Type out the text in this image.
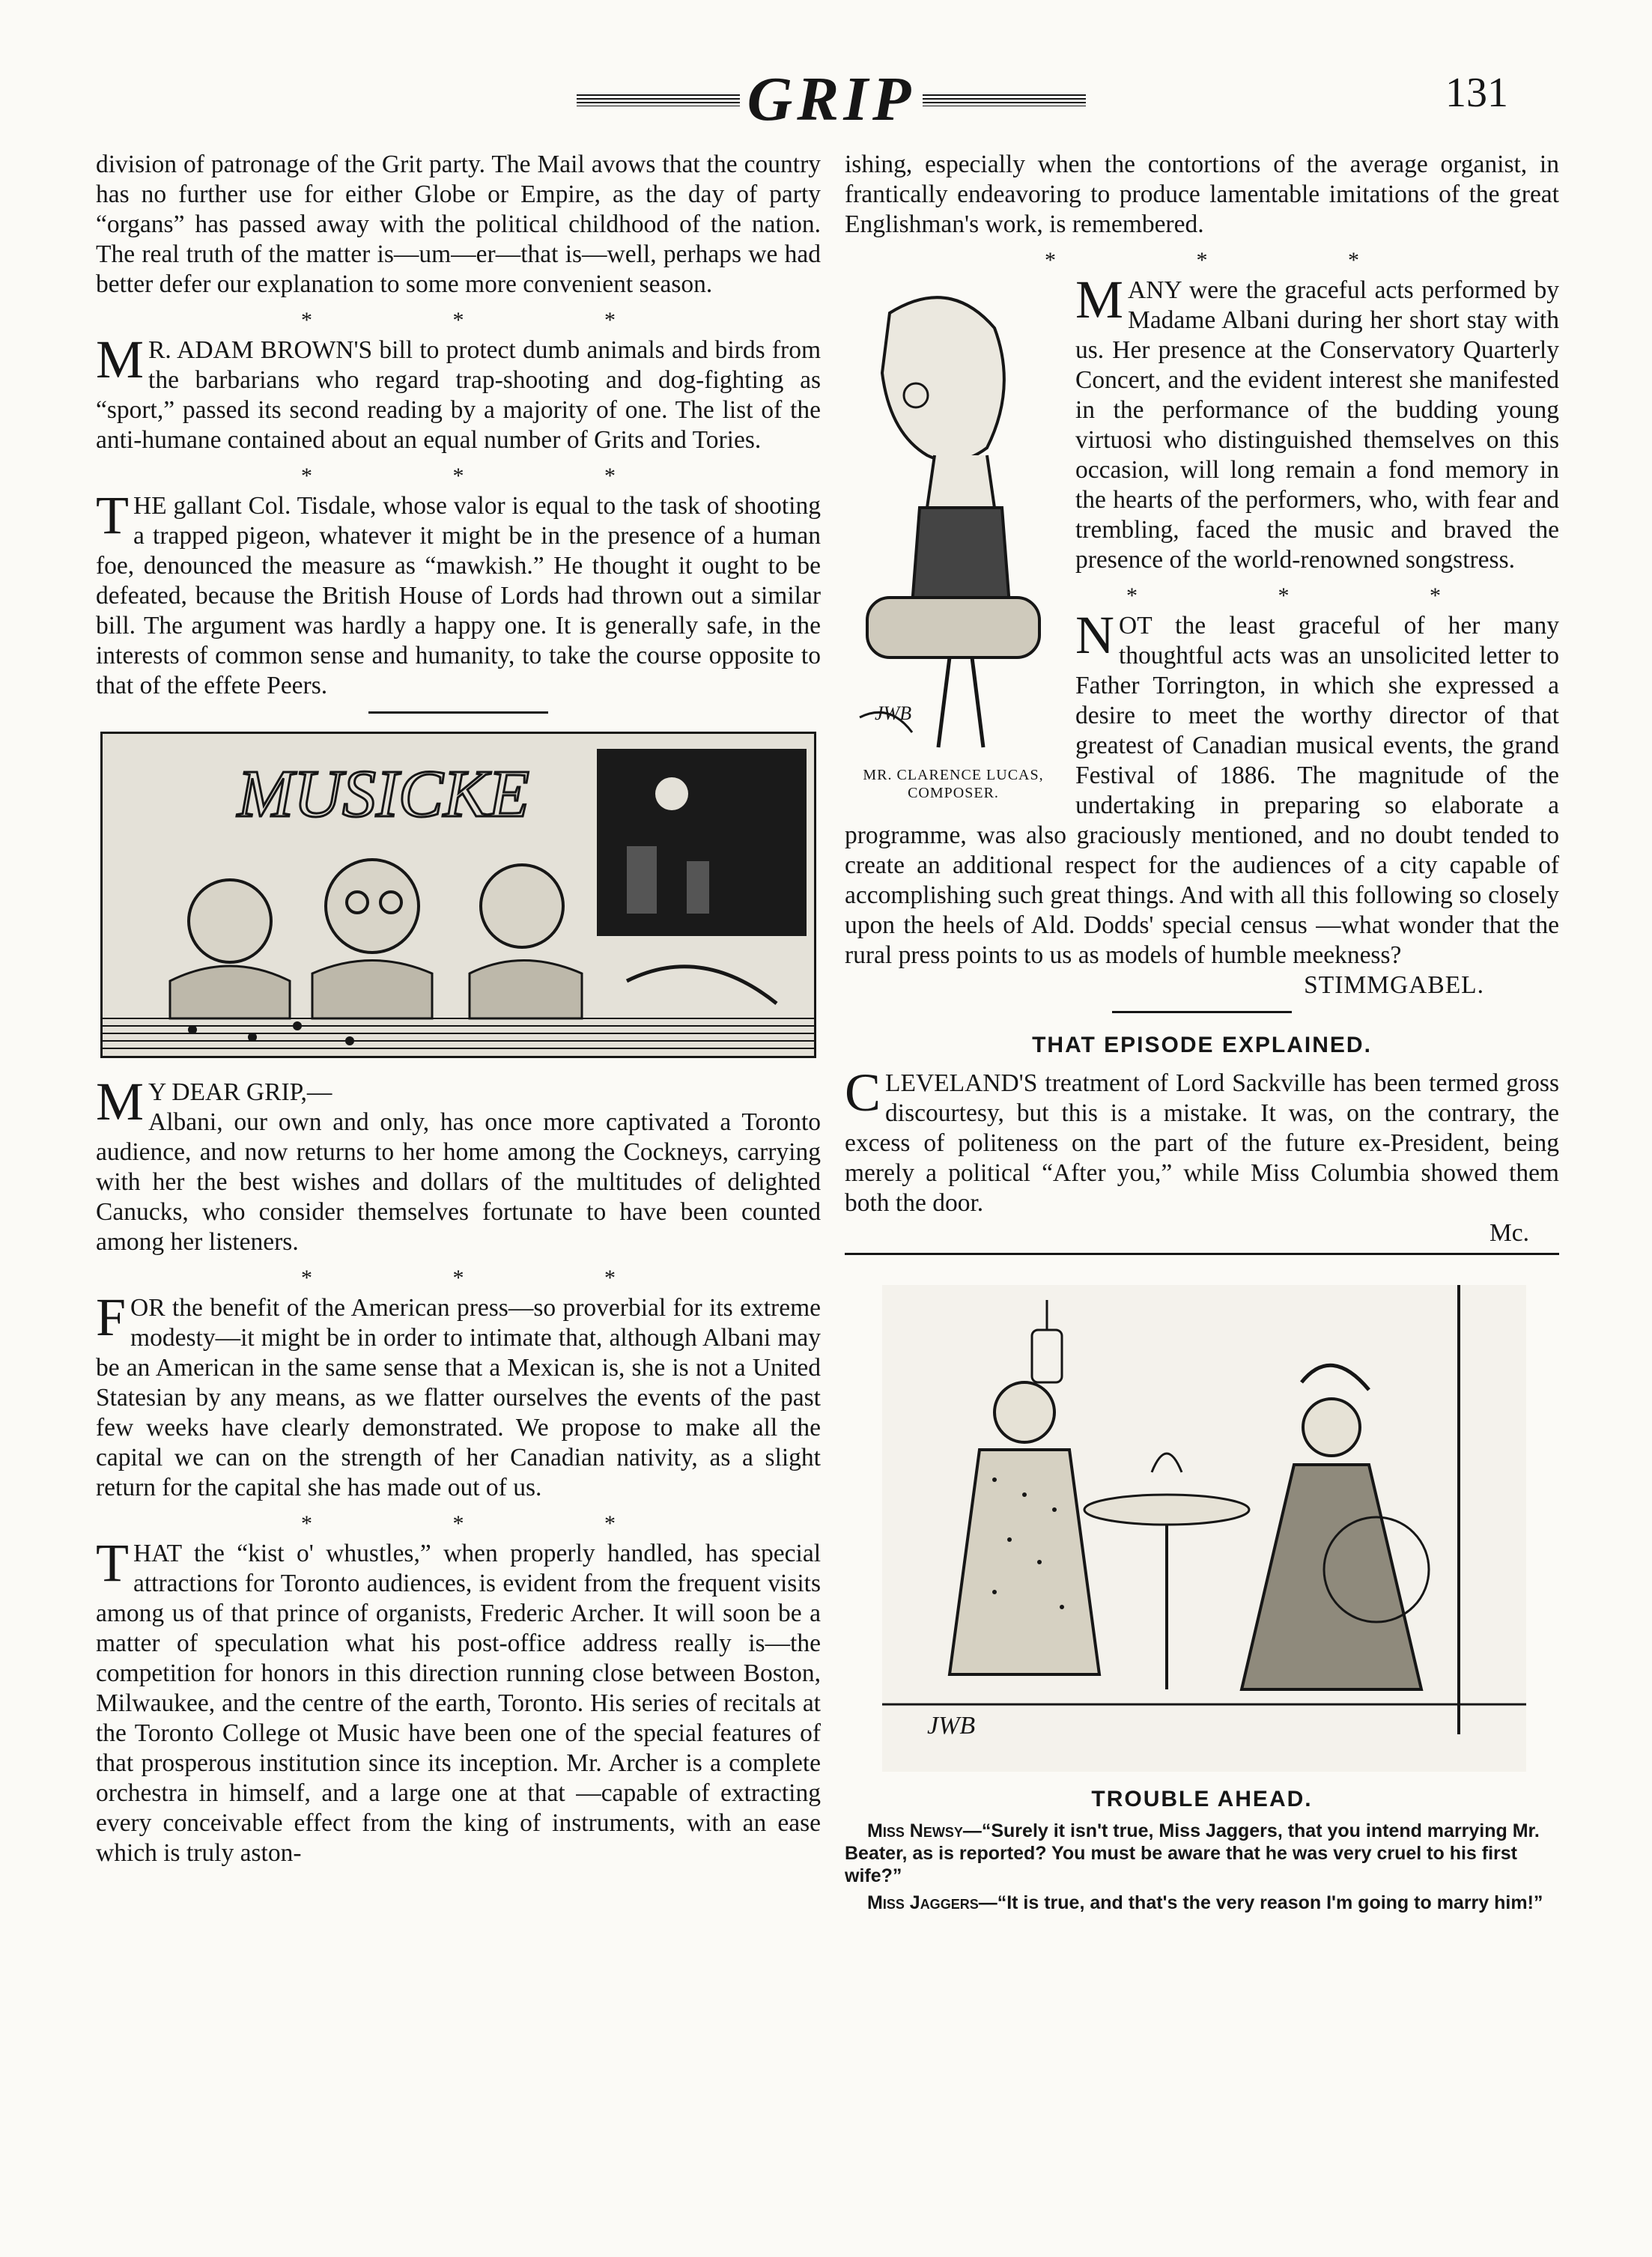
GRIP	131

division of patronage of the Grit party. The Mail avows that the country has no further use for either Globe or Empire, as the day of party “organs” has passed away with the political childhood of the nation. The real truth of the matter is—um—er—that is—well, perhaps we had better defer our explanation to some more convenient season.

* * *

M R. ADAM BROWN'S bill to protect dumb animals and birds from the barbarians who regard trap-shooting and dog-fighting as “sport,” passed its second reading by a majority of one. The list of the anti-humane contained about an equal number of Grits and Tories.

* * *

THE gallant Col. Tisdale, whose valor is equal to the task of shooting a trapped pigeon, whatever it might be in the presence of a human foe, denounced the measure as “mawkish.” He thought it ought to be defeated, because the British House of Lords had thrown out a similar bill. The argument was hardly a happy one. It is generally safe, in the interests of common sense and humanity, to take the course opposite to that of the effete Peers.

MUSICKE

M Y DEAR GRIP,—
Albani, our own and only, has once more captivated a Toronto audience, and now returns to her home among the Cockneys, carrying with her the best wishes and dollars of the multitudes of delighted Canucks, who consider themselves fortunate to have been counted among her listeners.

* * *

FOR the benefit of the American press—so proverbial for its extreme modesty—it might be in order to intimate that, although Albani may be an American in the same sense that a Mexican is, she is not a United Statesian by any means, as we flatter ourselves the events of the past few weeks have clearly demonstrated. We propose to make all the capital we can on the strength of her Canadian nativity, as a slight return for the capital she has made out of us.

* * *

THAT the “kist o' whustles,” when properly handled, has special attractions for Toronto audiences, is evident from the frequent visits among us of that prince of organists, Frederic Archer. It will soon be a matter of speculation what his post-office address really is—the competition for honors in this direction running close between Boston, Milwaukee, and the centre of the earth, Toronto. His series of recitals at the Toronto College ot Music have been one of the special features of that prosperous institution since its inception. Mr. Archer is a complete orchestra in himself, and a large one at that —capable of extracting every conceivable effect from the king of instruments, with an ease which is truly aston-

ishing, especially when the contortions of the average organist, in frantically endeavoring to produce lamentable imitations of the great Englishman's work, is remembered.

* * *
JWB
MR. CLARENCE LUCAS,
COMPOSER.

MANY were the graceful acts performed by Madame Albani during her short stay with us. Her presence at the Conservatory Quarterly Concert, and the evident interest she manifested in the performance of the budding young virtuosi who distinguished themselves on this occasion, will long remain a fond memory in the hearts of the performers, who, with fear and trembling, faced the music and braved the presence of the world-renowned songstress.

* * *

NOT the least graceful of her many thoughtful acts was an unsolicited letter to Father Torrington, in which she expressed a desire to meet the worthy director of that greatest of Canadian musical events, the grand Festival of 1886. The magnitude of the undertaking in preparing so elaborate a programme, was also graciously mentioned, and no doubt tended to create an additional respect for the audiences of a city capable of accomplishing such great things. And with all this following so closely upon the heels of Ald. Dodds' special census —what wonder that the rural press points to us as models of humble meekness?

STIMMGABEL.
THAT EPISODE EXPLAINED.

CLEVELAND'S treatment of Lord Sackville has been termed gross discourtesy, but this is a mistake. It was, on the contrary, the excess of politeness on the part of the future ex-President, being merely a political “After you,” while Miss Columbia showed them both the door.

Mc.
JWB
TROUBLE AHEAD.

Miss Newsy—“Surely it isn't true, Miss Jaggers, that you intend marrying Mr. Beater, as is reported? You must be aware that he was very cruel to his first wife?”

Miss Jaggers—“It is true, and that's the very reason I'm going to marry him!”
